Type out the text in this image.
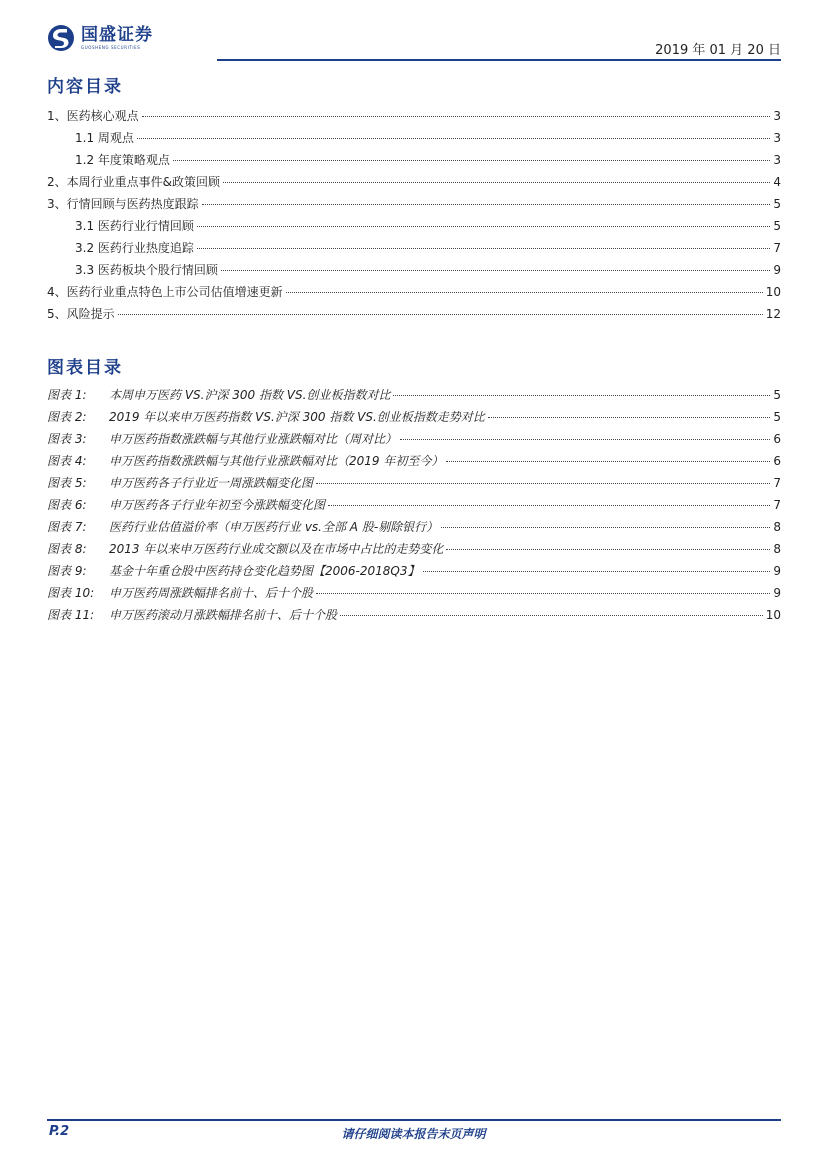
国盛证券
GUOSHENG SECURITIES	2019 年 01 月 20 日
内容目录
1、医药核心观点	3
1.1 周观点	3
1.2 年度策略观点	3
2、本周行业重点事件&政策回顾	4
3、行情回顾与医药热度跟踪	5
3.1 医药行业行情回顾	5
3.2 医药行业热度追踪	7
3.3 医药板块个股行情回顾	9
4、医药行业重点特色上市公司估值增速更新	10
5、风险提示	12
图表目录
图表 1:	本周申万医药 VS.沪深 300 指数 VS.创业板指数对比	5
图表 2:	2019 年以来申万医药指数 VS.沪深 300 指数 VS.创业板指数走势对比	5
图表 3:	申万医药指数涨跌幅与其他行业涨跌幅对比（周对比）	6
图表 4:	申万医药指数涨跌幅与其他行业涨跌幅对比（2019 年初至今）	6
图表 5:	申万医药各子行业近一周涨跌幅变化图	7
图表 6:	申万医药各子行业年初至今涨跌幅变化图	7
图表 7:	医药行业估值溢价率（申万医药行业 vs.全部 A 股-剔除银行）	8
图表 8:	2013 年以来申万医药行业成交额以及在市场中占比的走势变化	8
图表 9:	基金十年重仓股中医药持仓变化趋势图【2006-2018Q3】	9
图表 10:	申万医药周涨跌幅排名前十、后十个股	9
图表 11:	申万医药滚动月涨跌幅排名前十、后十个股	10
P.2	请仔细阅读本报告末页声明
